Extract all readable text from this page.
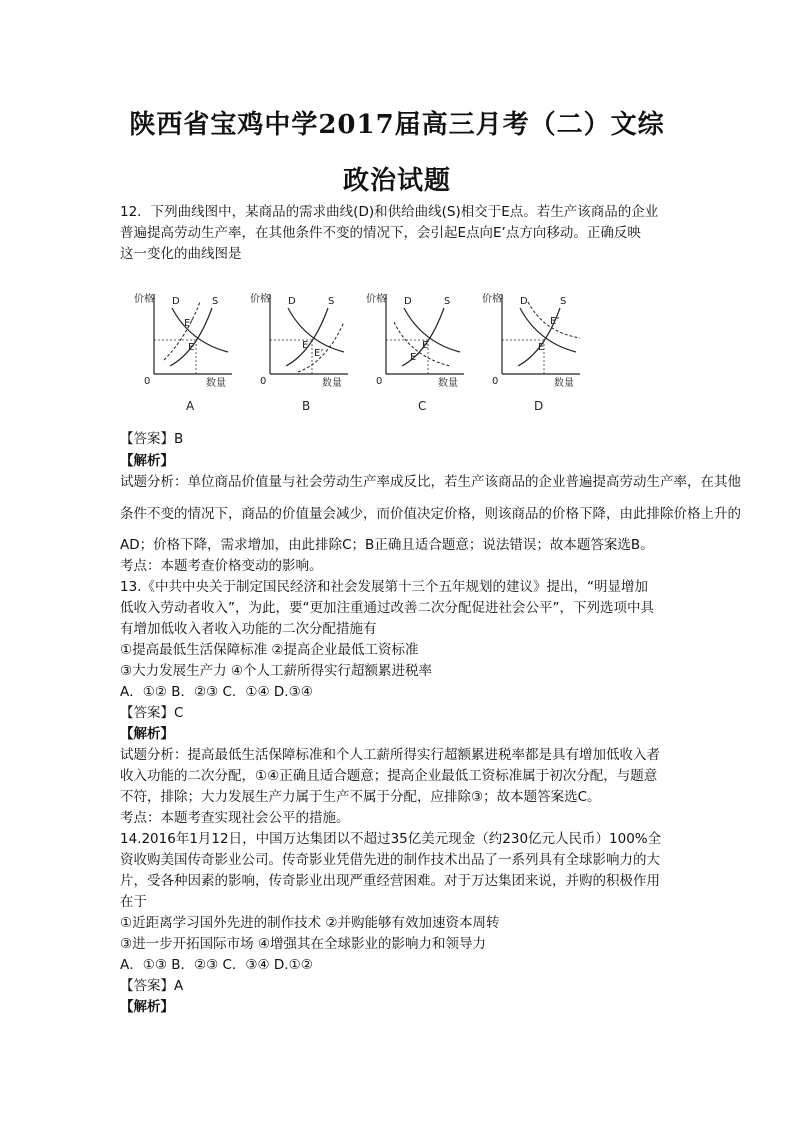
陕西省宝鸡中学2017届高三月考（二）文综
政治试题
12．下列曲线图中，某商品的需求曲线(D)和供给曲线(S)相交于E点。若生产该商品的企业
普遍提高劳动生产率，在其他条件不变的情况下，会引起E点向E’点方向移动。正确反映
这一变化的曲线图是
价格
数量
0
D	S
E’
E
A
价格
数量
0
D	S
E
E’
B
价格
数量
0
D	S
E
E’
C
价格
数量
0
D	S
E’
E
D
【答案】B
【解析】
试题分析：单位商品价值量与社会劳动生产率成反比，若生产该商品的企业普遍提高劳动生产率，在其他
条件不变的情况下，商品的价值量会减少，而价值决定价格，则该商品的价格下降，由此排除价格上升的
AD；价格下降，需求增加，由此排除C；B正确且适合题意；说法错误；故本题答案选B。
考点：本题考查价格变动的影响。
13.《中共中央关于制定国民经济和社会发展第十三个五年规划的建议》提出，“明显增加
低收入劳动者收入”，为此，要“更加注重通过改善二次分配促进社会公平”，下列选项中具
有增加低收入者收入功能的二次分配措施有
①提高最低生活保障标准 ②提高企业最低工资标准
③大力发展生产力 ④个人工薪所得实行超额累进税率
A．①② B．②③ C．①④ D.③④
【答案】C
【解析】
试题分析：提高最低生活保障标准和个人工薪所得实行超额累进税率都是具有增加低收入者
收入功能的二次分配，①④正确且适合题意；提高企业最低工资标准属于初次分配，与题意
不符，排除；大力发展生产力属于生产不属于分配，应排除③；故本题答案选C。
考点：本题考查实现社会公平的措施。
14.2016年1月12日，中国万达集团以不超过35亿美元现金（约230亿元人民币）100%全
资收购美国传奇影业公司。传奇影业凭借先进的制作技术出品了一系列具有全球影响力的大
片，受各种因素的影响，传奇影业出现严重经营困难。对于万达集团来说，并购的积极作用
在于
①近距离学习国外先进的制作技术 ②并购能够有效加速资本周转
③进一步开拓国际市场 ④增强其在全球影业的影响力和领导力
A．①③ B．②③ C．③④ D.①②
【答案】A
【解析】
